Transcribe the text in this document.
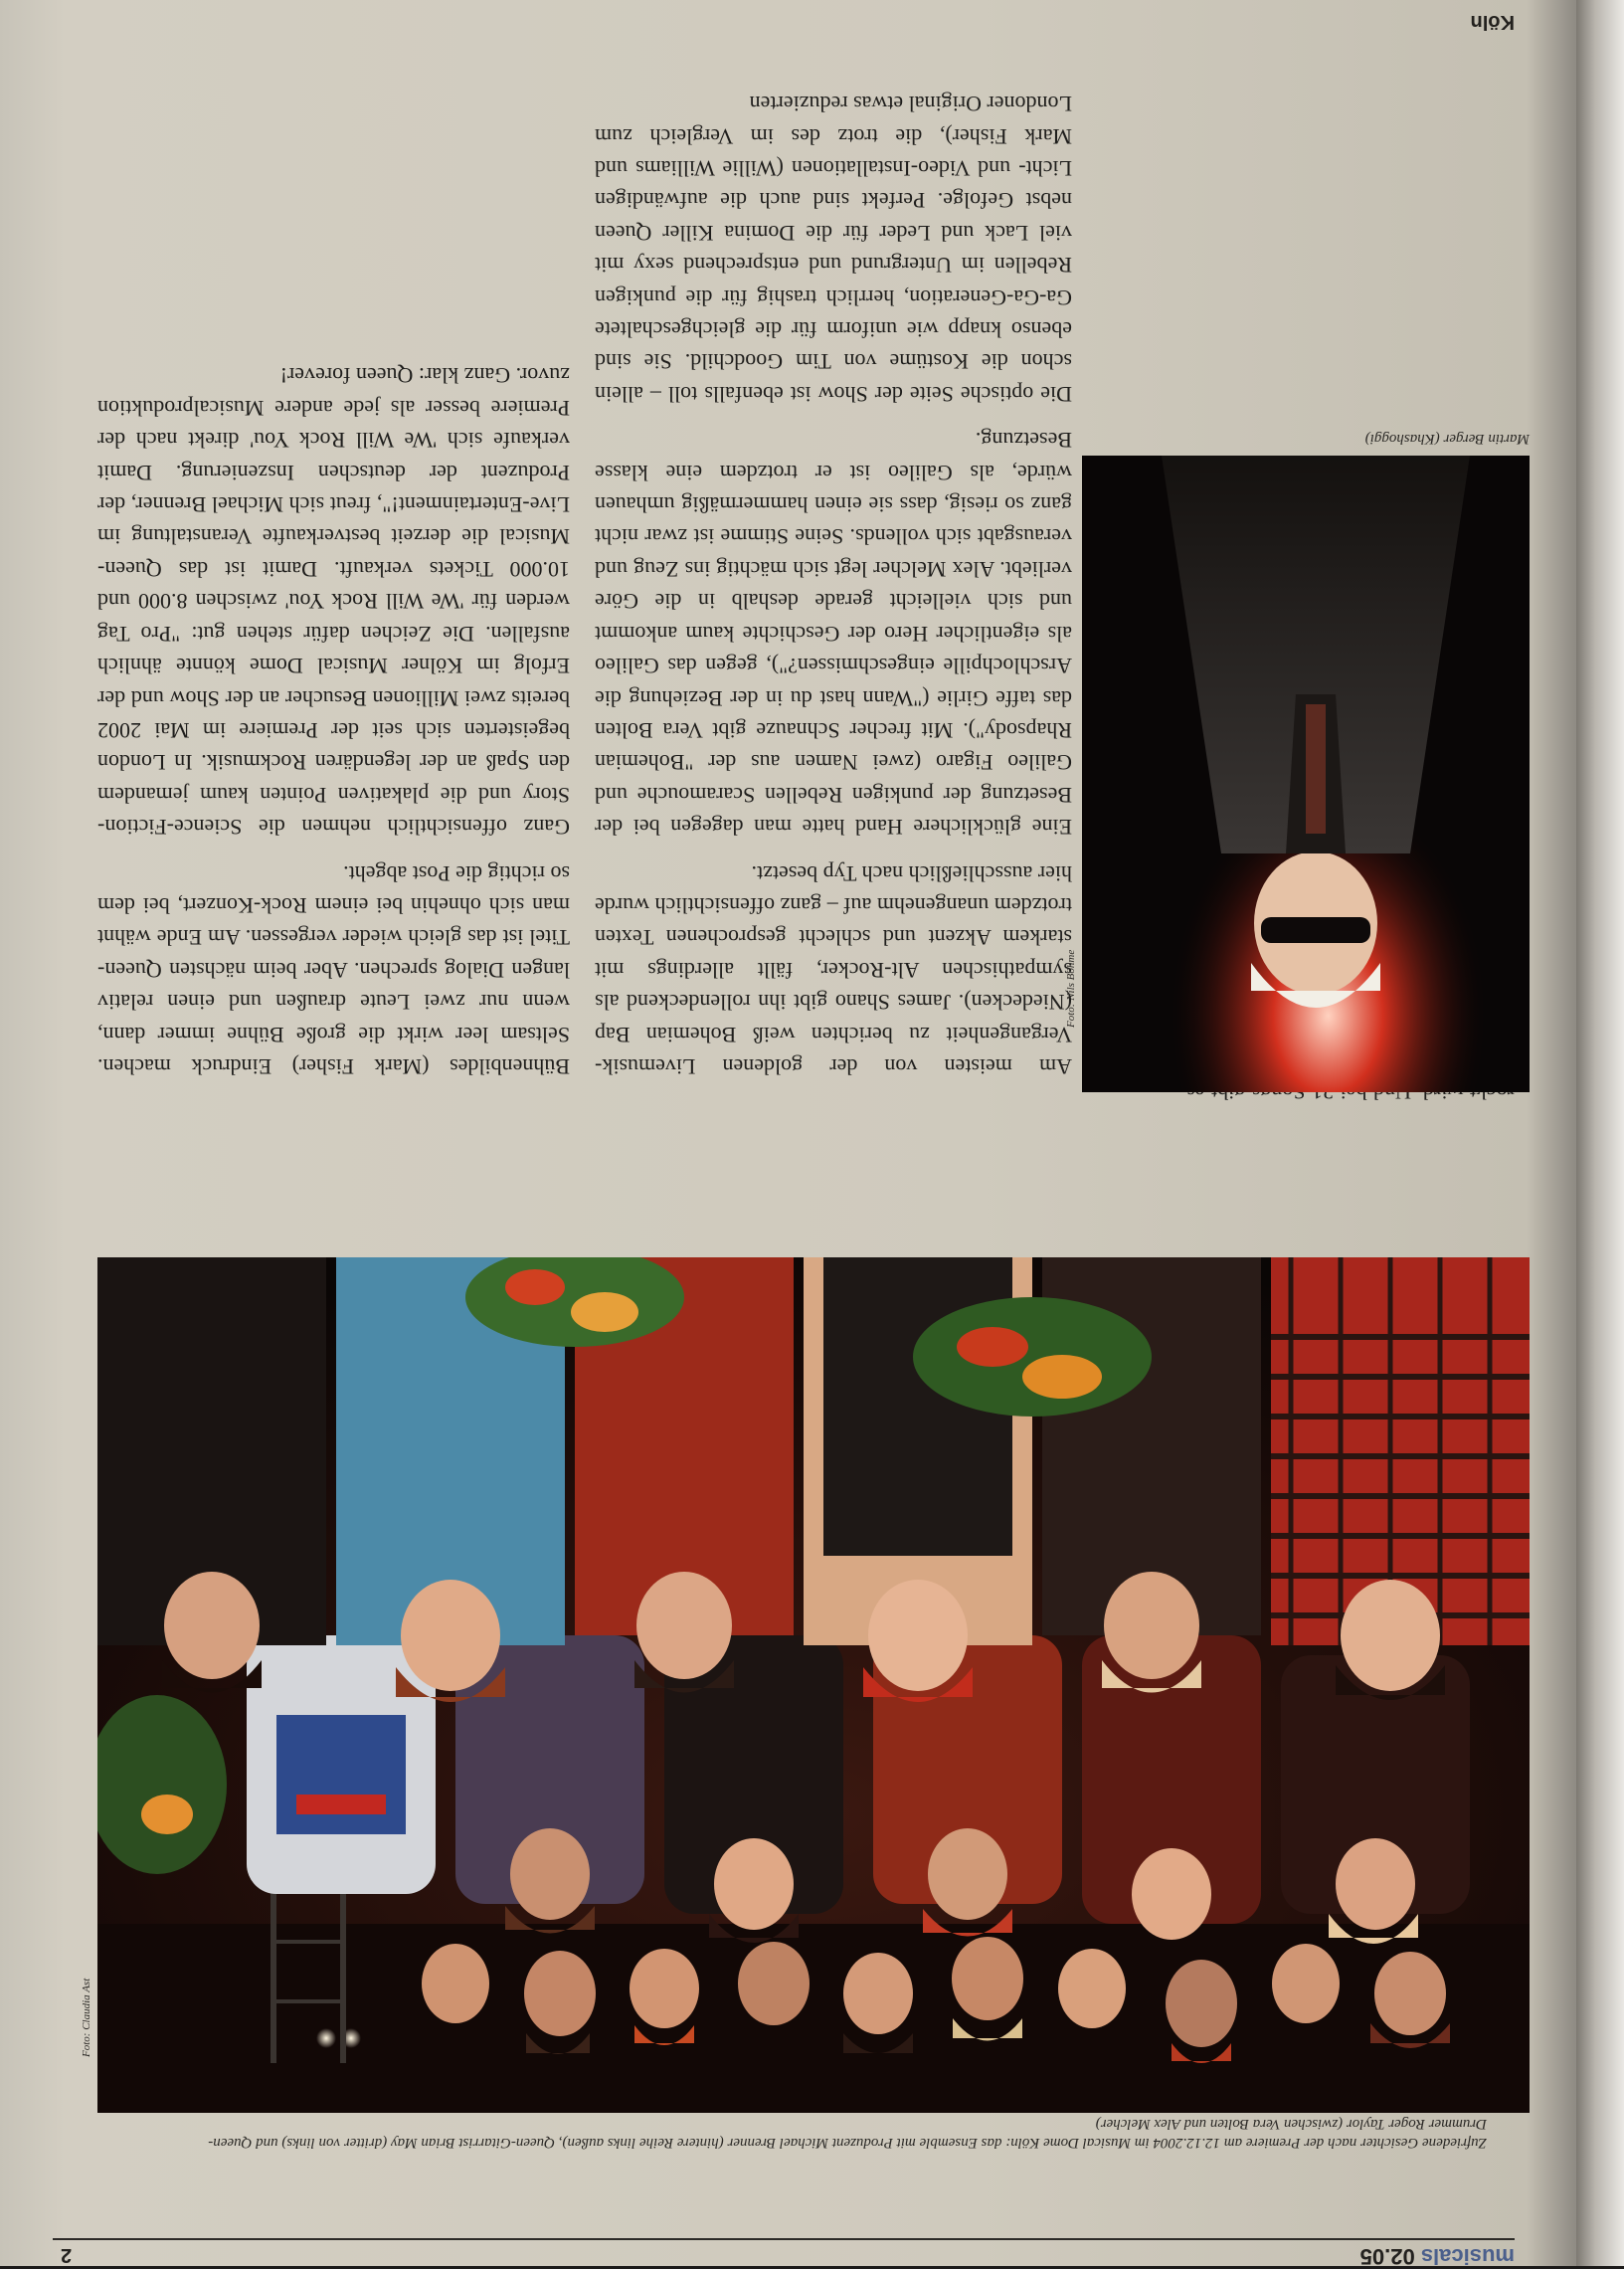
musicals 02.05
2
Zufriedene Gesichter nach der Premiere am 12.12.2004 im Musical Dome Köln: das Ensemble mit Produzent Michael Brenner (hintere Reihe links außen), Queen-Gitarrist Brian May (dritter von links) und Queen-Drummer Roger Taylor (zwischen Vera Bolten und Alex Melcher)
Foto: Claudia Ast

Am meisten von der goldenen Livemusik-Vergangenheit zu berichten weiß Bohemian Bap (Niedecken). James Shano gibt ihn rollendeckend als sympathischen Alt-Rocker, fällt allerdings mit starkem Akzent und schlecht gesprochenen Texten trotzdem unangenehm auf – ganz offensichtlich wurde hier ausschließlich nach Typ besetzt.

Eine glücklichere Hand hatte man dagegen bei der Besetzung der punkigen Rebellen Scaramouche und Galileo Figaro (zwei Namen aus der "Bohemian Rhapsody"). Mit frecher Schnauze gibt Vera Bolten das taffe Girlie ("Wann hast du in der Beziehung die Arschlochpille eingeschmissen?"), gegen das Galileo als eigentlicher Hero der Geschichte kaum ankommt und sich vielleicht gerade deshalb in die Göre verliebt. Alex Melcher legt sich mächtig ins Zeug und verausgabt sich vollends. Seine Stimme ist zwar nicht ganz so riesig, dass sie einen hammermäßig umhauen würde, als Galileo ist er trotzdem eine klasse Besetzung.

Die optische Seite der Show ist ebenfalls toll – allein schon die Kostüme von Tim Goodchild. Sie sind ebenso knapp wie uniform für die gleichgeschaltete Ga-Ga-Generation, herrlich trashig für die punkigen Rebellen im Untergrund und entsprechend sexy mit viel Lack und Leder für die Domina Killer Queen nebst Gefolge. Perfekt sind auch die aufwändigen Licht- und Video-Installationen (Willie Williams und Mark Fisher), die trotz des im Vergleich zum Londoner Original etwas reduzierten

Bühnenbildes (Mark Fisher) Eindruck machen. Seltsam leer wirkt die große Bühne immer dann, wenn nur zwei Leute draußen und einen relativ langen Dialog sprechen. Aber beim nächsten Queen-Titel ist das gleich wieder vergessen. Am Ende wähnt man sich ohnehin bei einem Rock-Konzert, bei dem so richtig die Post abgeht.

Ganz offensichtlich nehmen die Science-Fiction-Story und die plakativen Pointen kaum jemandem den Spaß an der legendären Rockmusik. In London begeisterten sich seit der Premiere im Mai 2002 bereits zwei Millionen Besucher an der Show und der Erfolg im Kölner Musical Dome könnte ähnlich ausfallen. Die Zeichen dafür stehen gut: "Pro Tag werden für 'We Will Rock You' zwischen 8.000 und 10.000 Tickets verkauft. Damit ist das Queen-Musical die derzeit bestverkaufte Veranstaltung im Live-Entertainment!", freut sich Michael Brenner, der Produzent der deutschen Inszenierung. Damit verkaufe sich 'We Will Rock You' direkt nach der Premiere besser als jede andere Musicalproduktion zuvor. Ganz klar: Queen forever!

Martin Berger (Khashoggi)
Foto: Nils Böhme
Köln
